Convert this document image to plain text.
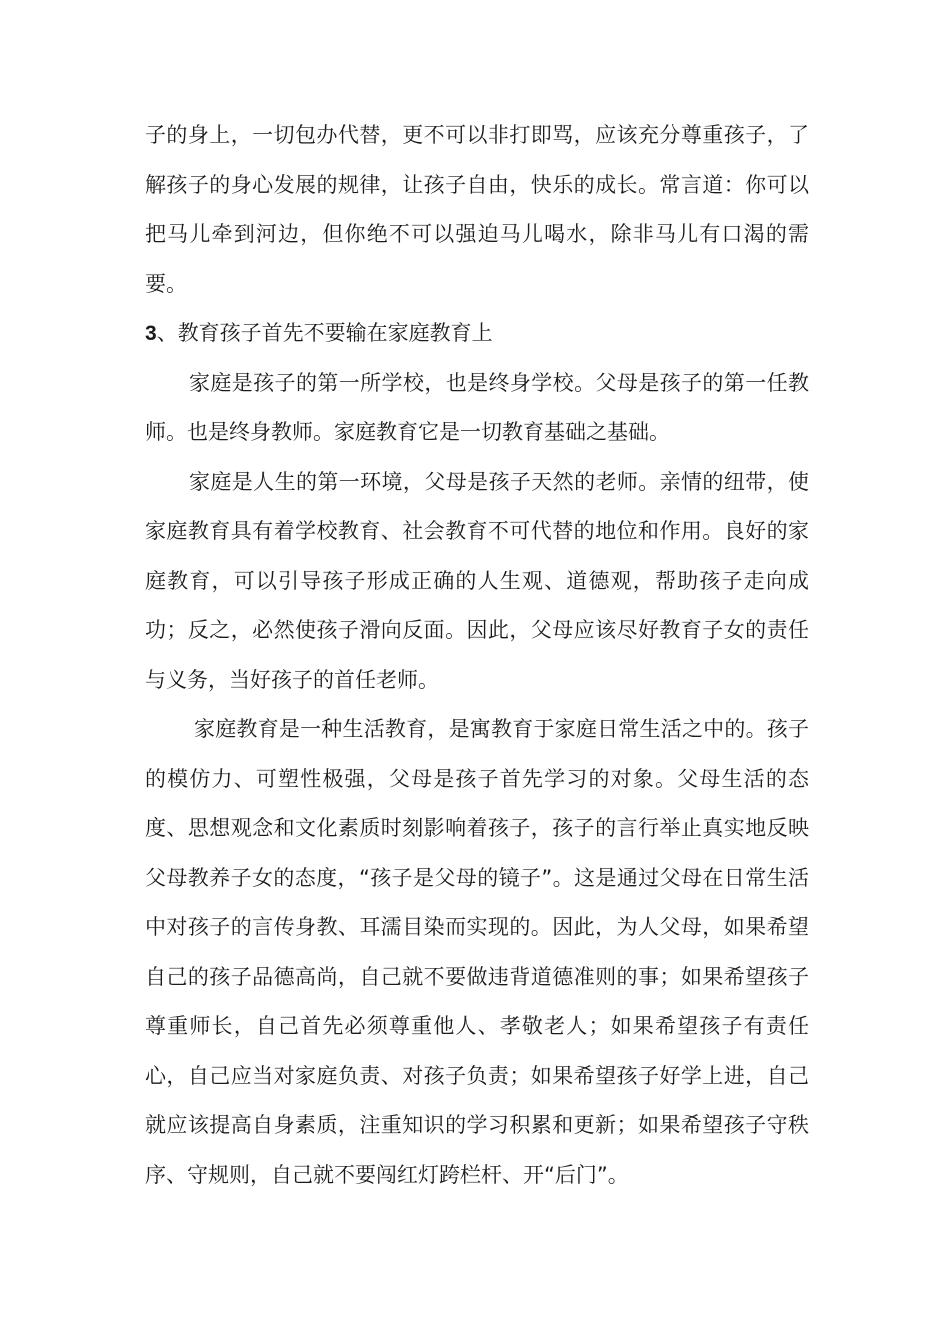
子的身上，一切包办代替，更不可以非打即骂，应该充分尊重孩子，了解孩子的身心发展的规律，让孩子自由，快乐的成长。常言道：你可以把马儿牵到河边，但你绝不可以强迫马儿喝水，除非马儿有口渴的需要。

3、教育孩子首先不要输在家庭教育上

家庭是孩子的第一所学校，也是终身学校。父母是孩子的第一任教师。也是终身教师。家庭教育它是一切教育基础之基础。

家庭是人生的第一环境，父母是孩子天然的老师。亲情的纽带，使家庭教育具有着学校教育、社会教育不可代替的地位和作用。良好的家庭教育，可以引导孩子形成正确的人生观、道德观，帮助孩子走向成功；反之，必然使孩子滑向反面。因此，父母应该尽好教育子女的责任与义务，当好孩子的首任老师。

家庭教育是一种生活教育，是寓教育于家庭日常生活之中的。孩子的模仿力、可塑性极强，父母是孩子首先学习的对象。父母生活的态度、思想观念和文化素质时刻影响着孩子，孩子的言行举止真实地反映父母教养子女的态度，“孩子是父母的镜子”。这是通过父母在日常生活中对孩子的言传身教、耳濡目染而实现的。因此，为人父母，如果希望自己的孩子品德高尚，自己就不要做违背道德准则的事；如果希望孩子尊重师长，自己首先必须尊重他人、孝敬老人；如果希望孩子有责任心，自己应当对家庭负责、对孩子负责；如果希望孩子好学上进，自己就应该提高自身素质，注重知识的学习积累和更新；如果希望孩子守秩序、守规则，自己就不要闯红灯跨栏杆、开“后门”。
